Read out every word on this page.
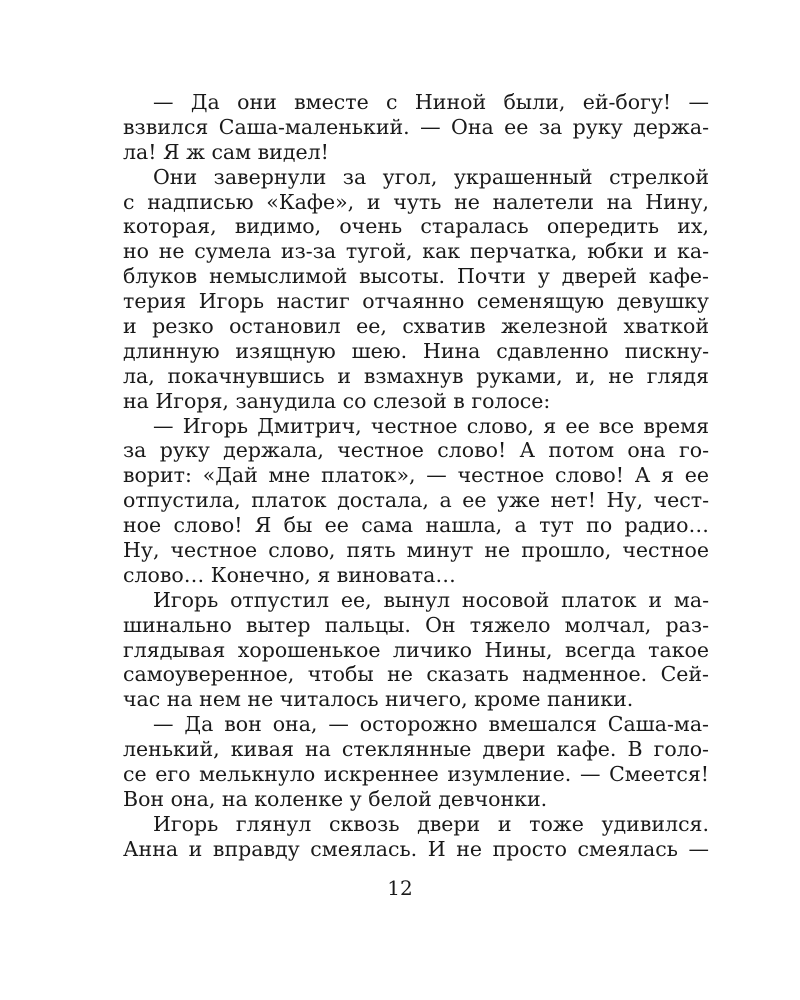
— Да они вместе с Ниной были, ей-богу! —
взвился Саша-маленький. — Она ее за руку держа-
ла! Я ж сам видел!
Они завернули за угол, украшенный стрелкой
с надписью «Кафе», и чуть не налетели на Нину,
которая, видимо, очень старалась опередить их,
но не сумела из-за тугой, как перчатка, юбки и ка-
блуков немыслимой высоты. Почти у дверей кафе-
терия Игорь настиг отчаянно семенящую девушку
и резко остановил ее, схватив железной хваткой
длинную изящную шею. Нина сдавленно пискну-
ла, покачнувшись и взмахнув руками, и, не глядя
на Игоря, занудила со слезой в голосе:
— Игорь Дмитрич, честное слово, я ее все время
за руку держала, честное слово! А потом она го-
ворит: «Дай мне платок», — честное слово! А я ее
отпустила, платок достала, а ее уже нет! Ну, чест-
ное слово! Я бы ее сама нашла, а тут по радио…
Ну, честное слово, пять минут не прошло, честное
слово… Конечно, я виновата…
Игорь отпустил ее, вынул носовой платок и ма-
шинально вытер пальцы. Он тяжело молчал, раз-
глядывая хорошенькое личико Нины, всегда такое
самоуверенное, чтобы не сказать надменное. Сей-
час на нем не читалось ничего, кроме паники.
— Да вон она, — осторожно вмешался Саша-ма-
ленький, кивая на стеклянные двери кафе. В голо-
се его мелькнуло искреннее изумление. — Смеется!
Вон она, на коленке у белой девчонки.
Игорь глянул сквозь двери и тоже удивился.
Анна и вправду смеялась. И не просто смеялась —
12
